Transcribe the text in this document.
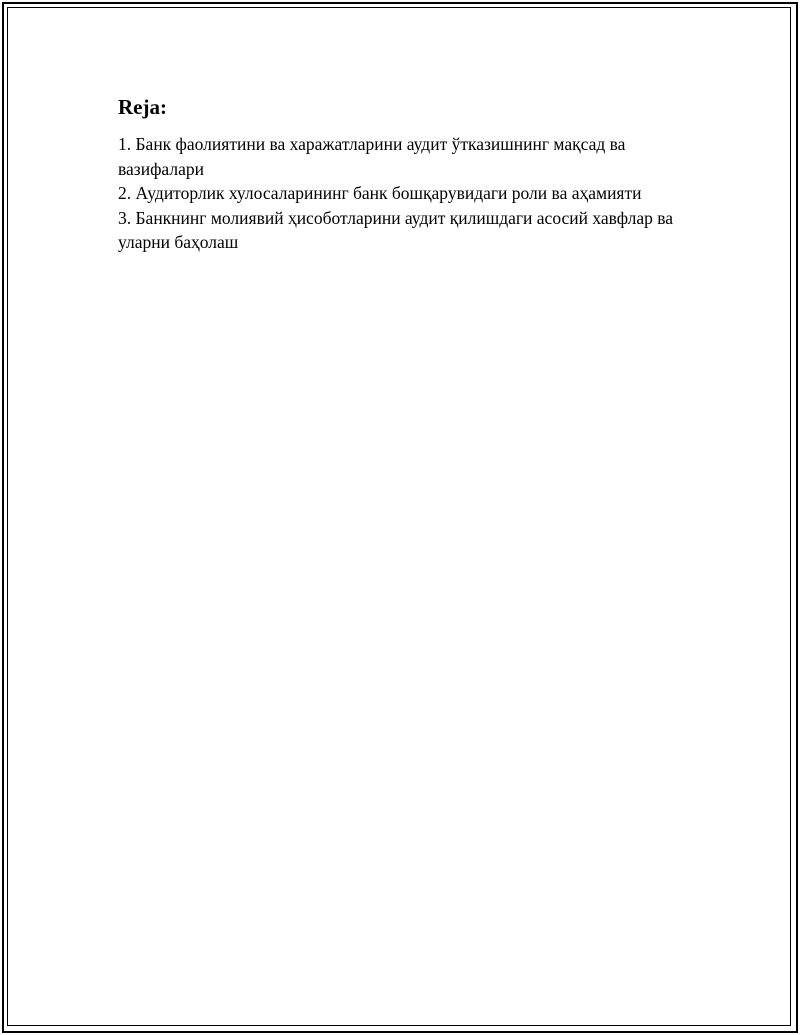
Reja:

1. Банк фаолиятини ва харажатларини аудит ўтказишнинг мақсад ва вазифалари

2. Аудиторлик хулосаларининг банк бошқарувидаги роли ва аҳамияти

3. Банкнинг молиявий ҳисоботларини аудит қилишдаги асосий хавфлар ва уларни баҳолаш
